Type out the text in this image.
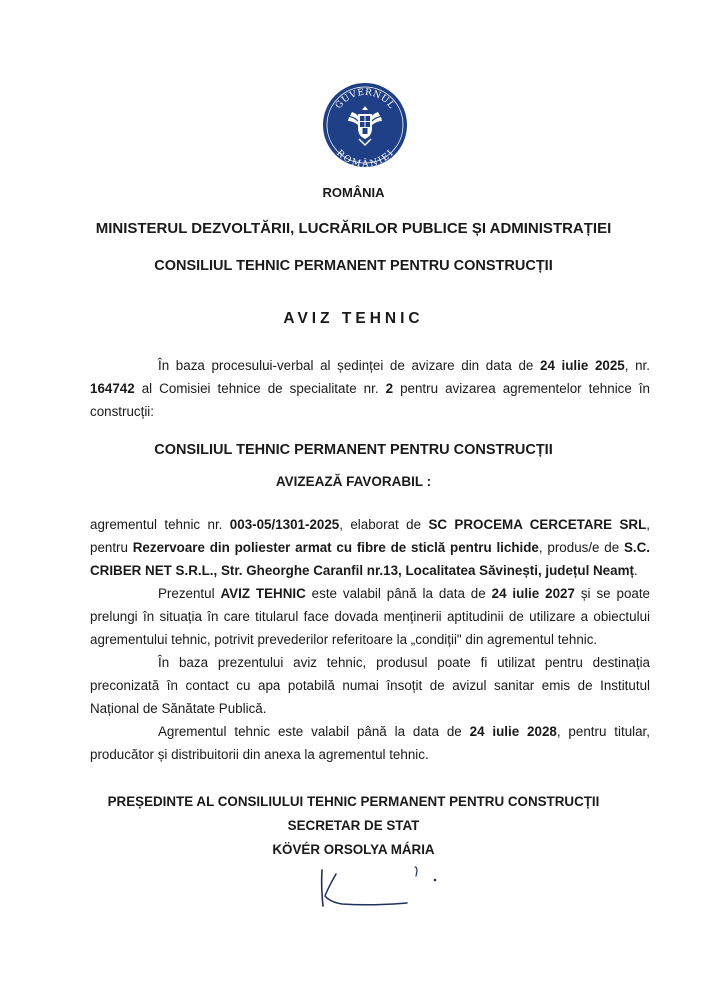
GUVERNUL
ROMÂNIEI
ROMÂNIA
MINISTERUL DEZVOLTĂRII, LUCRĂRILOR PUBLICE ȘI ADMINISTRAȚIEI
CONSILIUL TEHNIC PERMANENT PENTRU CONSTRUCȚII
AVIZ TEHNIC
În baza procesului-verbal al ședinței de avizare din data de 24 iulie 2025, nr. 164742 al Comisiei tehnice de specialitate nr. 2 pentru avizarea agrementelor tehnice în construcții:
CONSILIUL TEHNIC PERMANENT PENTRU CONSTRUCȚII
AVIZEAZĂ FAVORABIL :
agrementul tehnic nr. 003-05/1301-2025, elaborat de SC PROCEMA CERCETARE SRL, pentru Rezervoare din poliester armat cu fibre de sticlă pentru lichide, produs/e de S.C. CRIBER NET S.R.L., Str. Gheorghe Caranfil nr.13, Localitatea Săvinești, județul Neamț.
Prezentul AVIZ TEHNIC este valabil până la data de 24 iulie 2027 și se poate prelungi în situația în care titularul face dovada menținerii aptitudinii de utilizare a obiectului agrementului tehnic, potrivit prevederilor referitoare la „condiții" din agrementul tehnic.
În baza prezentului aviz tehnic, produsul poate fi utilizat pentru destinația preconizată în contact cu apa potabilă numai însoțit de avizul sanitar emis de Institutul Național de Sănătate Publică.
Agrementul tehnic este valabil până la data de 24 iulie 2028, pentru titular, producător și distribuitorii din anexa la agrementul tehnic.
PREȘEDINTE AL CONSILIULUI TEHNIC PERMANENT PENTRU CONSTRUCȚII
SECRETAR DE STAT
KÖVÉR ORSOLYA MÁRIA
